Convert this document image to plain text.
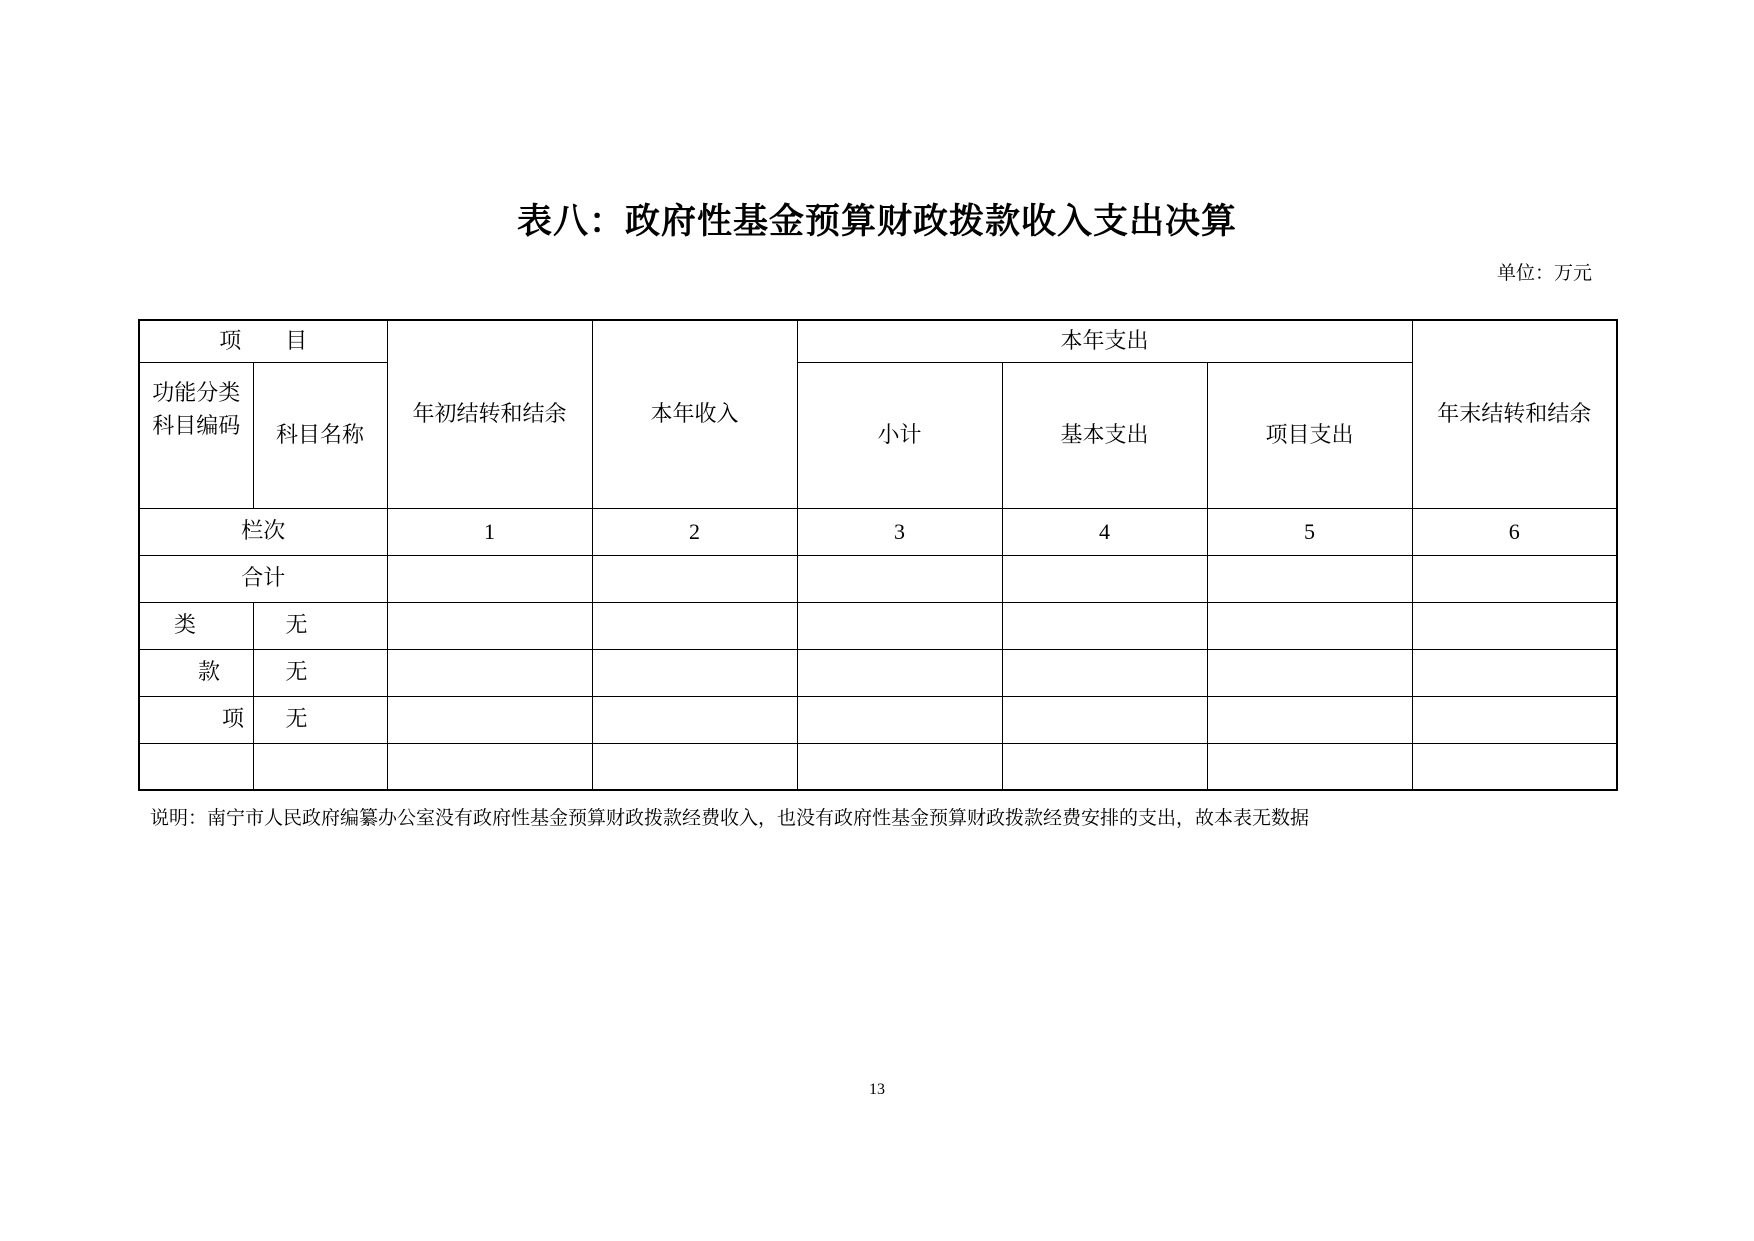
表八：政府性基金预算财政拨款收入支出决算
单位：万元
项　　目		年初结转和结余	本年收入	本年支出			年末结转和结余
功能分类科目编码	科目名称			小计	基本支出	项目支出	
栏次		1	2	3	4	5	6
合计							
类	无						
款	无						
项	无						

说明：南宁市人民政府编纂办公室没有政府性基金预算财政拨款经费收入，也没有政府性基金预算财政拨款经费安排的支出，故本表无数据
13
